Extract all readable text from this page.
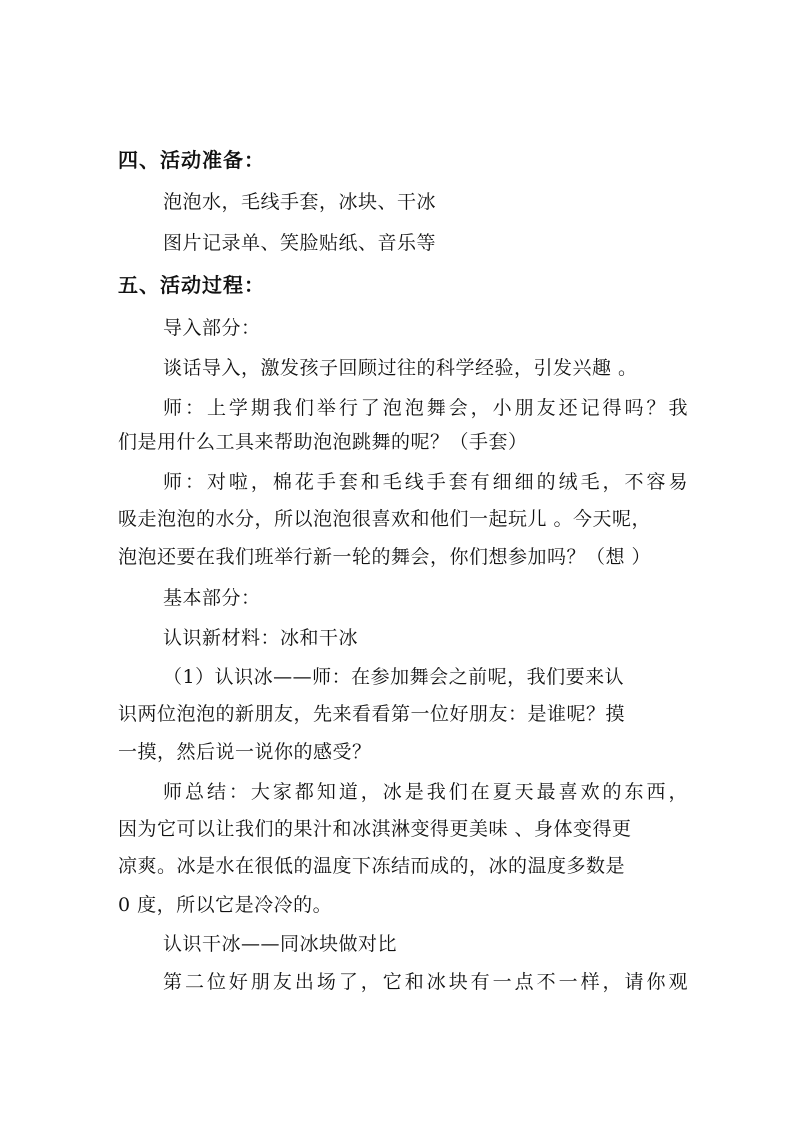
四、活动准备：
泡泡水，毛线手套，冰块、干冰
图片记录单、笑脸贴纸、音乐等
五、活动过程：
导入部分：
谈话导入，激发孩子回顾过往的科学经验，引发兴趣 。
师：上学期我们举行了泡泡舞会，小朋友还记得吗？我
们是用什么工具来帮助泡泡跳舞的呢？（手套）
师：对啦，棉花手套和毛线手套有细细的绒毛，不容易
吸走泡泡的水分，所以泡泡很喜欢和他们一起玩儿 。今天呢，
泡泡还要在我们班举行新一轮的舞会，你们想参加吗？（想 ）
基本部分：
认识新材料：冰和干冰
（1）认识冰——师：在参加舞会之前呢，我们要来认
识两位泡泡的新朋友，先来看看第一位好朋友：是谁呢？摸
一摸，然后说一说你的感受？
师总结：大家都知道，冰是我们在夏天最喜欢的东西，
因为它可以让我们的果汁和冰淇淋变得更美味 、身体变得更
凉爽。冰是水在很低的温度下冻结而成的，冰的温度多数是
0 度，所以它是冷冷的。
认识干冰——同冰块做对比
第二位好朋友出场了，它和冰块有一点不一样，请你观
